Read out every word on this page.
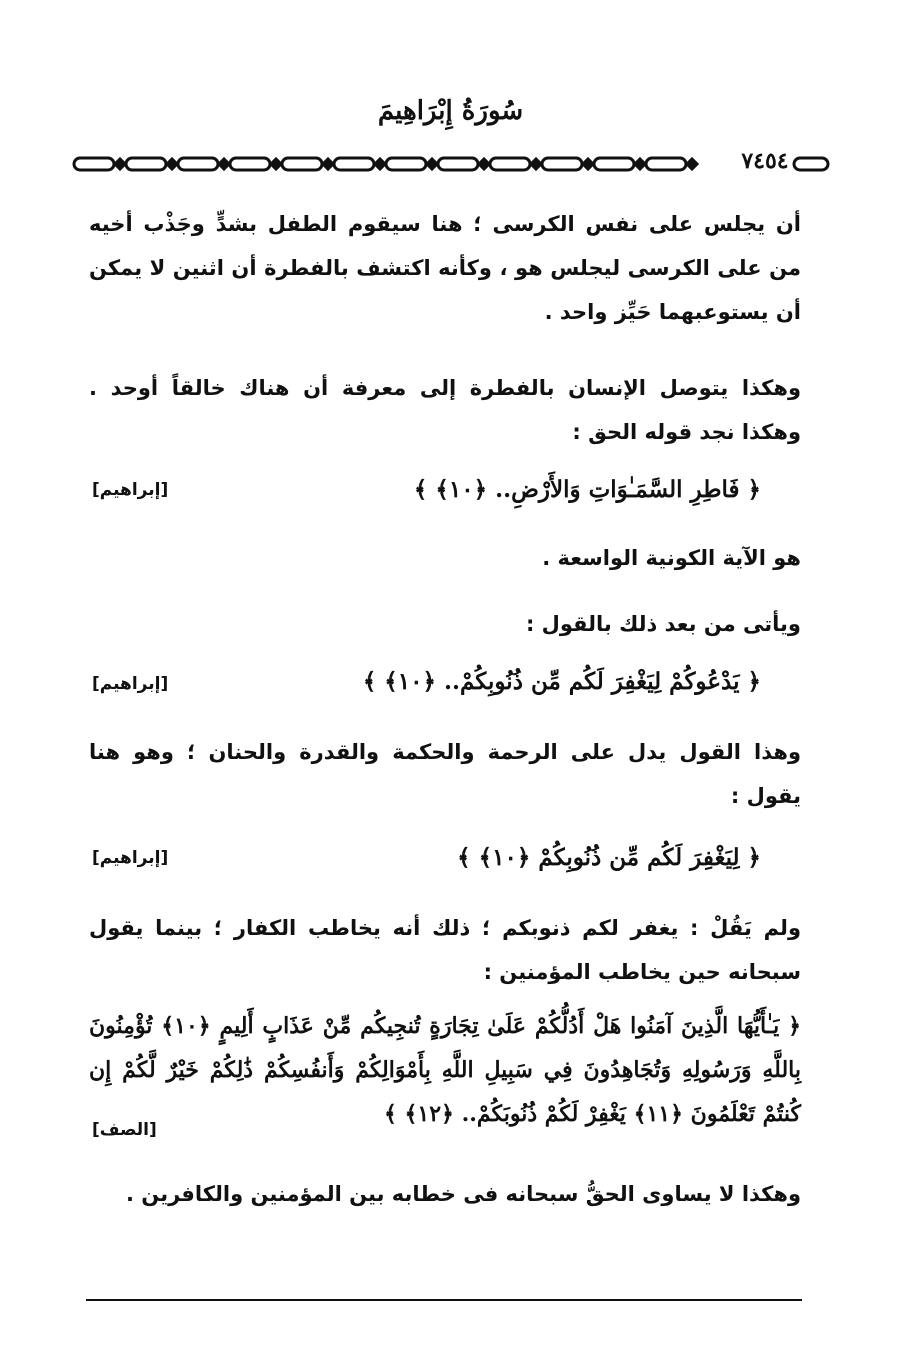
سُورَةُ إِبْرَاهِيمَ
٧٤٥٤
أن يجلس على نفس الكرسى ؛ هنا سيقوم الطفل بشدٍّ وجَذْب أخيه من على الكرسى ليجلس هو ، وكأنه اكتشف بالفطرة أن اثنين لا يمكن أن يستوعبهما حَيِّز واحد .
وهكذا يتوصل الإنسان بالفطرة إلى معرفة أن هناك خالقاً أوحد . وهكذا نجد قوله الحق :
﴿ فَاطِرِ السَّمَـٰوَاتِ وَالأَرْضِ.. ﴿١٠﴾ ﴾
[إبراهيم]
هو الآية الكونية الواسعة .
ويأتى من بعد ذلك بالقول :
﴿ يَدْعُوكُمْ لِيَغْفِرَ لَكُم مِّن ذُنُوبِكُمْ.. ﴿١٠﴾ ﴾
[إبراهيم]
وهذا القول يدل على الرحمة والحكمة والقدرة والحنان ؛ وهو هنا يقول :
﴿ لِيَغْفِرَ لَكُم مِّن ذُنُوبِكُمْ ﴿١٠﴾ ﴾
[إبراهيم]
ولم يَقُلْ : يغفر لكم ذنوبكم ؛ ذلك أنه يخاطب الكفار ؛ بينما يقول سبحانه حين يخاطب المؤمنين :
﴿ يَـٰأَيُّهَا الَّذِينَ آمَنُوا هَلْ أَدُلُّكُمْ عَلَىٰ تِجَارَةٍ تُنجِيكُم مِّنْ عَذَابٍ أَلِيمٍ ﴿١٠﴾ تُؤْمِنُونَ بِاللَّهِ وَرَسُولِهِ وَتُجَاهِدُونَ فِي سَبِيلِ اللَّهِ بِأَمْوَالِكُمْ وَأَنفُسِكُمْ ذَٰلِكُمْ خَيْرٌ لَّكُمْ إِن كُنتُمْ تَعْلَمُونَ ﴿١١﴾ يَغْفِرْ لَكُمْ ذُنُوبَكُمْ.. ﴿١٢﴾ ﴾
[الصف]
وهكذا لا يساوى الحقُّ سبحانه فى خطابه بين المؤمنين والكافرين .
